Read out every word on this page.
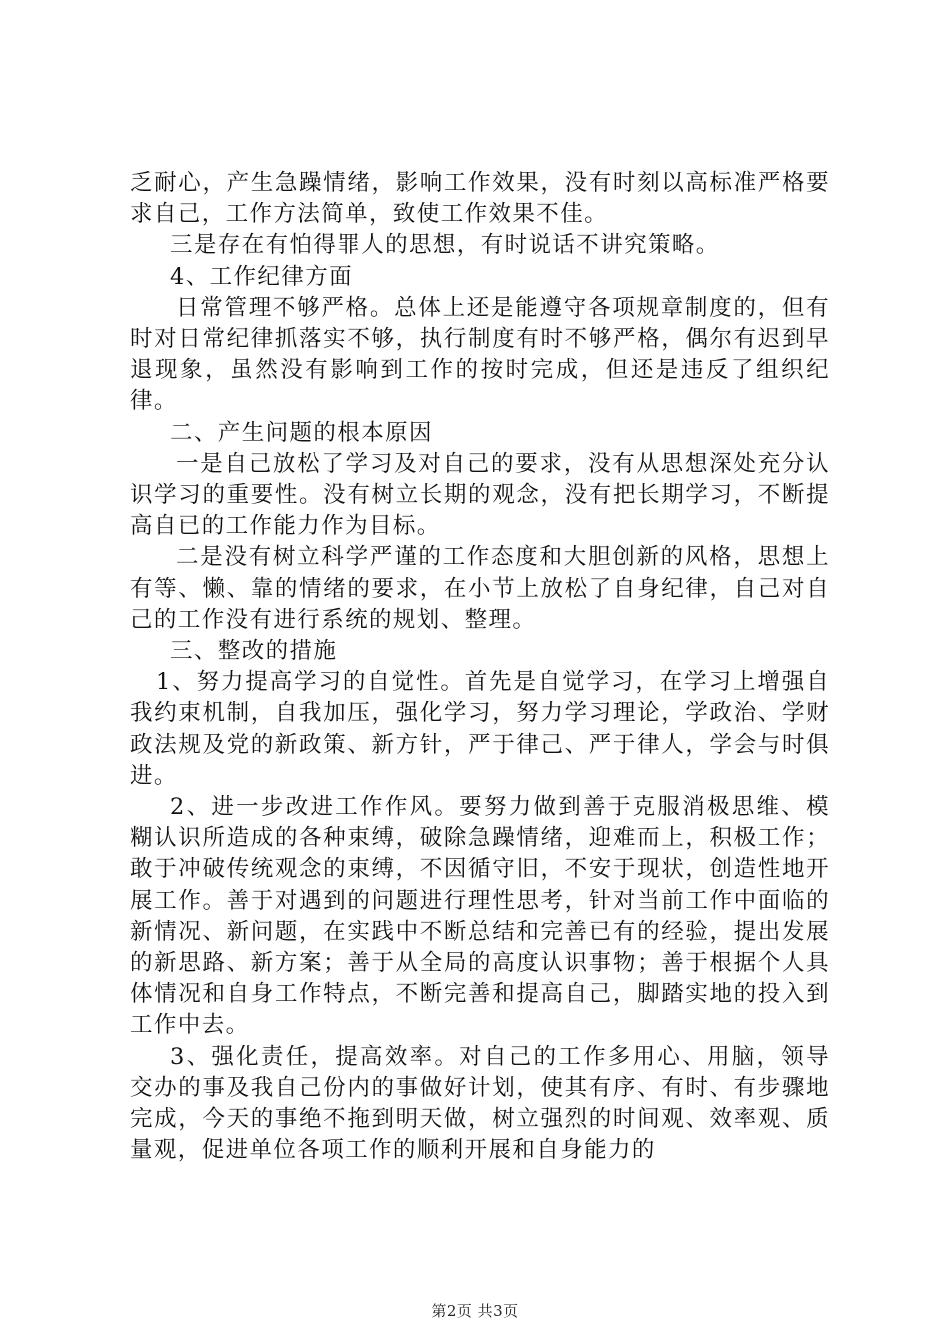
乏耐心，产生急躁情绪，影响工作效果，没有时刻以高标准严格要求自己，工作方法简单，致使工作效果不佳。

三是存在有怕得罪人的思想，有时说话不讲究策略。

4、工作纪律方面

日常管理不够严格。总体上还是能遵守各项规章制度的，但有时对日常纪律抓落实不够，执行制度有时不够严格，偶尔有迟到早退现象，虽然没有影响到工作的按时完成，但还是违反了组织纪律。

二、产生问题的根本原因

一是自己放松了学习及对自己的要求，没有从思想深处充分认识学习的重要性。没有树立长期的观念，没有把长期学习，不断提高自已的工作能力作为目标。

二是没有树立科学严谨的工作态度和大胆创新的风格，思想上有等、懒、靠的情绪的要求，在小节上放松了自身纪律，自己对自己的工作没有进行系统的规划、整理。

三、整改的措施

1、努力提高学习的自觉性。首先是自觉学习，在学习上增强自我约束机制，自我加压，强化学习，努力学习理论，学政治、学财政法规及党的新政策、新方针，严于律己、严于律人，学会与时俱进。

2、进一步改进工作作风。要努力做到善于克服消极思维、模糊认识所造成的各种束缚，破除急躁情绪，迎难而上，积极工作；敢于冲破传统观念的束缚，不因循守旧，不安于现状，创造性地开展工作。善于对遇到的问题进行理性思考，针对当前工作中面临的新情况、新问题，在实践中不断总结和完善已有的经验，提出发展的新思路、新方案；善于从全局的高度认识事物；善于根据个人具体情况和自身工作特点，不断完善和提高自己，脚踏实地的投入到工作中去。

3、强化责任，提高效率。对自己的工作多用心、用脑，领导交办的事及我自己份内的事做好计划，使其有序、有时、有步骤地完成，今天的事绝不拖到明天做，树立强烈的时间观、效率观、质量观，促进单位各项工作的顺利开展和自身能力的

第2页 共3页
